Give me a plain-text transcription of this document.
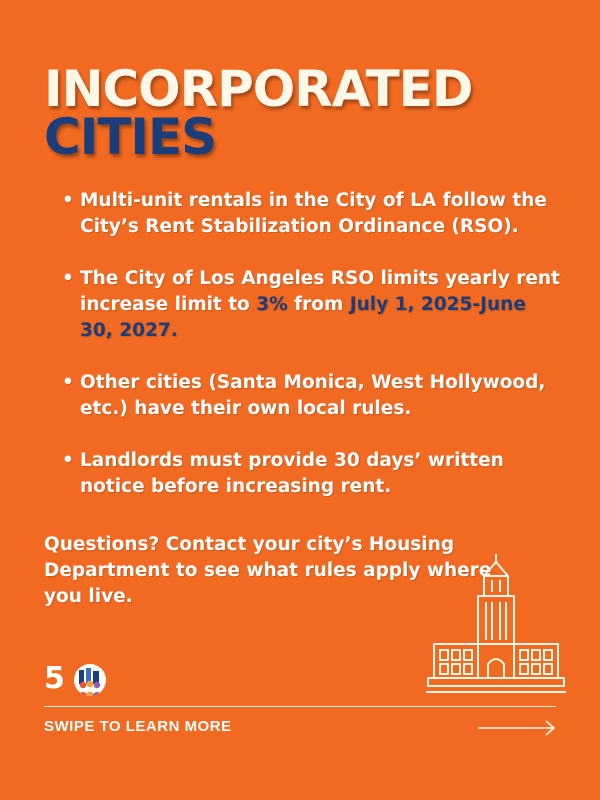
INCORPORATED
CITIES
• Multi-unit rentals in the City of LA follow the City’s Rent Stabilization Ordinance (RSO).
• The City of Los Angeles RSO limits yearly rent increase limit to 3% from July 1, 2025-June 30, 2027.
• Other cities (Santa Monica, West Hollywood, etc.) have their own local rules.
• Landlords must provide 30 days’ written notice before increasing rent.
Questions? Contact your city’s Housing Department to see what rules apply where you live.
5
SWIPE TO LEARN MORE
